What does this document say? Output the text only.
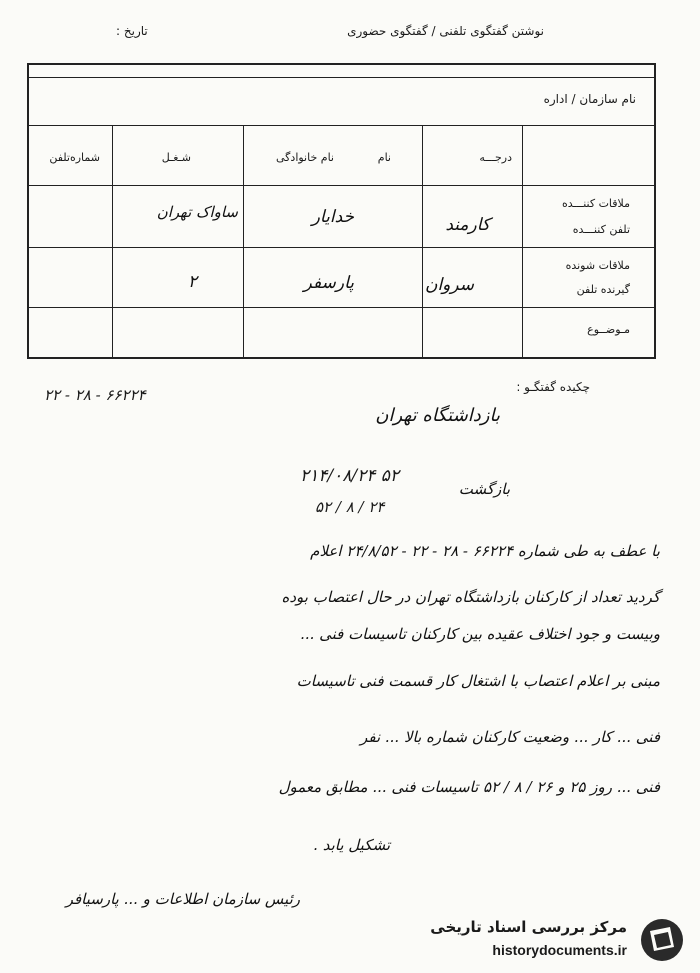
نوشتن گفتگوی تلفنی / گفتگوی حضوری
تاریخ :
نام سازمان / اداره
درجـــه
نام
نام خانوادگی
شـغـل
شماره‌تلفن
ملاقات کننـــده
تلفن کننـــده
کارمند
خدایار
ساواک تهران
ملاقات شونده
گیرنده تلفن
سروان
پارسفر
۲
مـوضــوع
چکیده گفتگـو :
۲۲ - ۲۸ - ۶۶۲۲۴
بازداشتگاه تهران
بازگشت
۲۱۴/۰۸/۲۴ ۵۲
۵۲ / ۸ / ۲۴
با عطف به طی شماره ۶۶۲۲۴ - ۲۸ - ۲۲ - ۲۴/۸/۵۲ اعلام
گردید تعداد از کارکنان بازداشتگاه تهران در حال اعتصاب بوده
وبیست و جود اختلاف عقیده بین کارکنان تاسیسات فنی ...
مبنی بر اعلام اعتصاب با اشتغال کار قسمت فنی تاسیسات
فنی ... کار ... وضعیت کارکنان شماره بالا ... نفر
فنی ... روز ۲۵ و ۲۶ / ۸ / ۵۲ تاسیسات فنی ... مطابق معمول
تشکیل یابد .
رئیس سازمان اطلاعات و ... پارسیافر
مرکز بررسی اسناد تاریخی
historydocuments.ir
